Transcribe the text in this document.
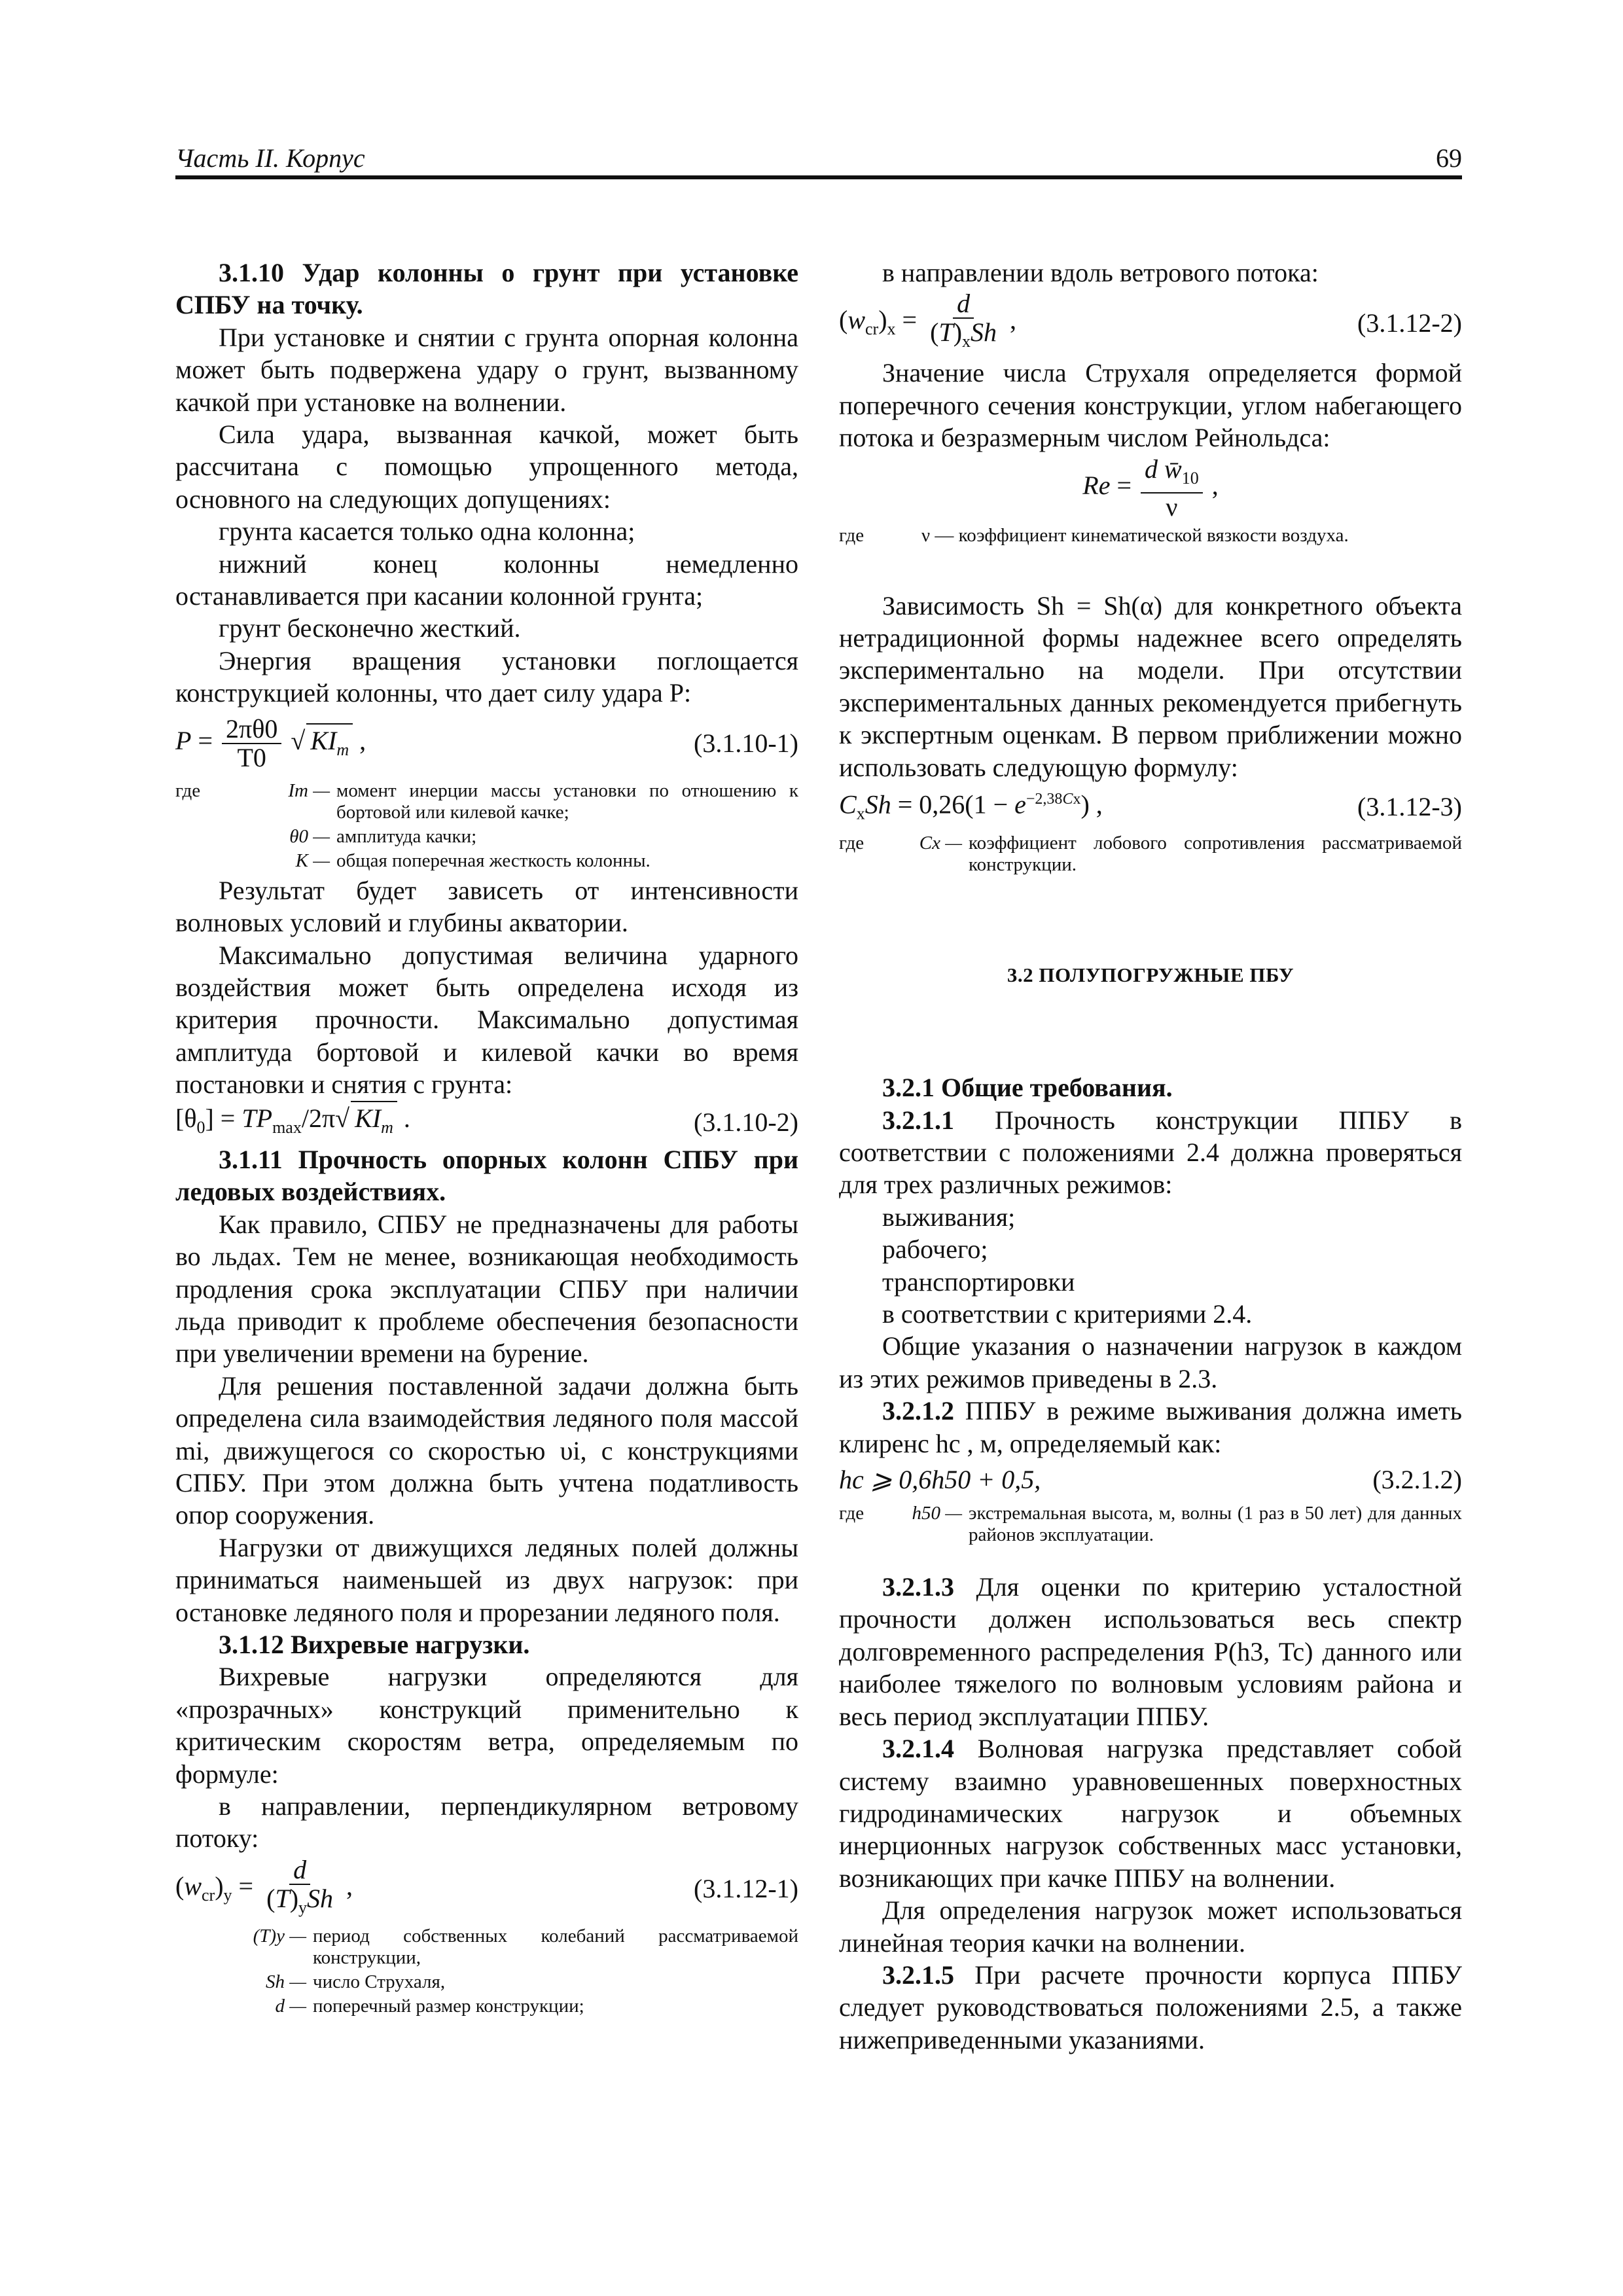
Часть II. Корпус	69

3.1.10 Удар колонны о грунт при установке СПБУ на точку.

При установке и снятии с грунта опорная колонна может быть подвержена удару о грунт, вызванному качкой при установке на волнении.

Сила удара, вызванная качкой, может быть рассчитана с помощью упрощенного метода, основного на следующих допущениях:

грунта касается только одна колонна;

нижний конец колонны немедленно останавливается при касании колонной грунта;

грунт бесконечно жесткий.

Энергия вращения установки поглощается конструкцией колонны, что дает силу удара P:

$P = \frac{2\pi\theta 0}{T0}$ √ $KI_m$ ,	(3.1.10-1)
где	Im — момент инерции массы установки по отношению к бортовой или килевой качке;
θ0 — амплитуда качки;
K — общая поперечная жесткость колонны.

Результат будет зависеть от интенсивности волновых условий и глубины акватории.

Максимально допустимая величина ударного воздействия может быть определена исходя из критерия прочности. Максимально допустимая амплитуда бортовой и килевой качки во время постановки и снятия с грунта:

$[\theta_0] = TP_{max}/2\pi√$ $KI_m$ .	(3.1.10-2)

3.1.11 Прочность опорных колонн СПБУ при ледовых воздействиях.

Как правило, СПБУ не предназначены для работы во льдах. Тем не менее, возникающая необходимость продления срока эксплуатации СПБУ при наличии льда приводит к проблеме обеспечения безопасности при увеличении времени на бурение.

Для решения поставленной задачи должна быть определена сила взаимодействия ледяного поля массой mi, движущегося со скоростью υi, с конструкциями СПБУ. При этом должна быть учтена податливость опор сооружения.

Нагрузки от движущихся ледяных полей должны приниматься наименьшей из двух нагрузок: при остановке ледяного поля и прорезании ледяного поля.

3.1.12 Вихревые нагрузки.

Вихревые нагрузки определяются для «прозрачных» конструкций применительно к критическим скоростям ветра, определяемым по формуле:

в направлении, перпендикулярном ветровому потоку:

$(w_{cr})_y = \frac{d}{(T)_ySh}$ ,	(3.1.12-1)
(T)y — период собственных колебаний рассматриваемой конструкции,
Sh — число Струхаля,
d — поперечный размер конструкции;

в направлении вдоль ветрового потока:

$(w_{cr})_x = \frac{d}{(T)_xSh}$ ,	(3.1.12-2)

Значение числа Струхаля определяется формой поперечного сечения конструкции, углом набегающего потока и безразмерным числом Рейнольдса:

$Re = \frac{d w̄_{10}}{\nu}$ ,
где	ν — коэффициент кинематической вязкости воздуха.

Зависимость Sh = Sh(α) для конкретного объекта нетрадиционной формы надежнее всего определять экспериментально на модели. При отсутствии экспериментальных данных рекомендуется прибегнуть к экспертным оценкам. В первом приближении можно использовать следующую формулу:

$C_xSh = 0,26(1 - e^{-2,38Cx})$ ,	(3.1.12-3)
где	Cx — коэффициент лобового сопротивления рассматриваемой конструкции.

3.2 ПОЛУПОГРУЖНЫЕ ПБУ

3.2.1 Общие требования.

3.2.1.1 Прочность конструкции ППБУ в соответствии с положениями 2.4 должна проверяться для трех различных режимов:

выживания;

рабочего;

транспортировки

в соответствии с критериями 2.4.

Общие указания о назначении нагрузок в каждом из этих режимов приведены в 2.3.

3.2.1.2 ППБУ в режиме выживания должна иметь клиренс hc , м, определяемый как:

hc ⩾ 0,6h50 + 0,5,	(3.2.1.2)
где	h50 — экстремальная высота, м, волны (1 раз в 50 лет) для данных районов эксплуатации.

3.2.1.3 Для оценки по критерию усталостной прочности должен использоваться весь спектр долговременного распределения P(h3, Tc) данного или наиболее тяжелого по волновым условиям района и весь период эксплуатации ППБУ.

3.2.1.4 Волновая нагрузка представляет собой систему взаимно уравновешенных поверхностных гидродинамических нагрузок и объемных инерционных нагрузок собственных масс установки, возникающих при качке ППБУ на волнении.

Для определения нагрузок может использоваться линейная теория качки на волнении.

3.2.1.5 При расчете прочности корпуса ППБУ следует руководствоваться положениями 2.5, а также нижеприведенными указаниями.
